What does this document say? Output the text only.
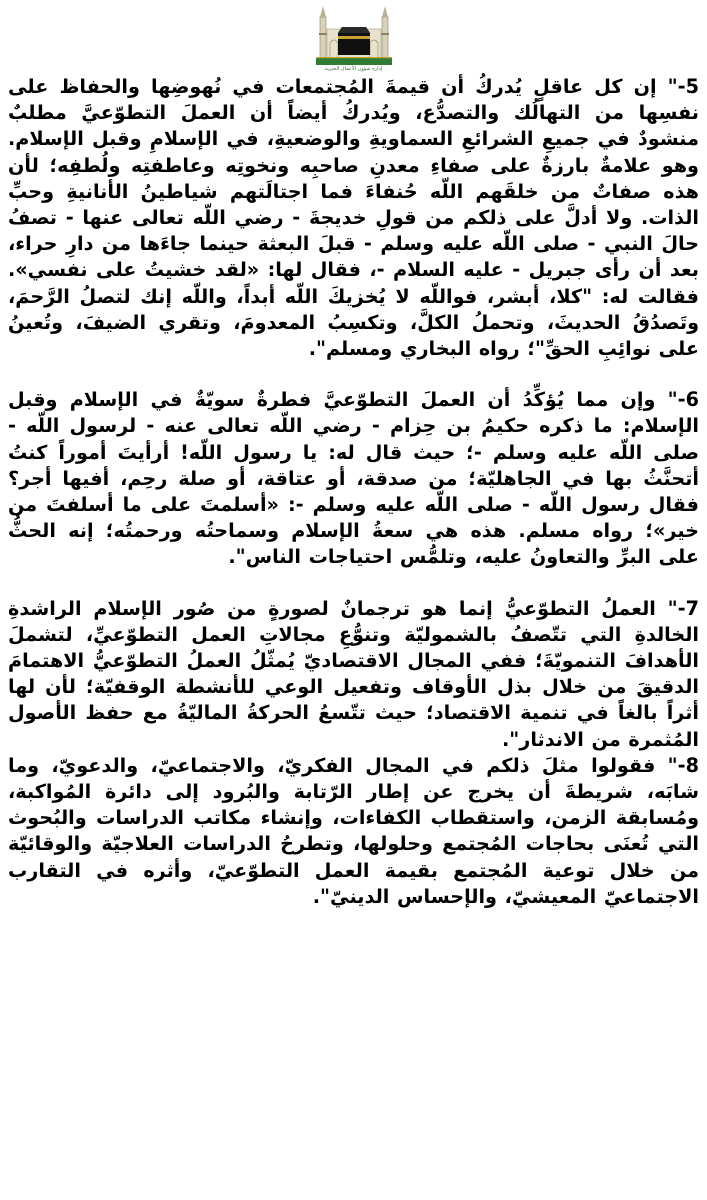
إدارة شؤون الأعمال الخيرية

5-" إن كل عاقلٍ يُدركُ أن قيمةَ المُجتمعات في نُهوضِها والحفاظ على نفسِها من التهالُك والتصدُّع، ويُدركُ أيضاً أن العملَ التطوّعيَّ مطلبٌ منشودٌ في جميعِ الشرائعِ السماويةِ والوضعيةِ، في الإسلامِ وقبل الإسلام. وهو علامةٌ بارزةٌ على صفاءِ معدنِ صاحبِه ونخوتِه وعاطفتِه ولُطفِه؛ لأن هذه صفاتٌ من خلقَهم اللّه حُنفاءَ فما اجتالَتهم شياطينُ الأنانيةِ وحبِّ الذات. ولا أدلَّ على ذلكم من قولِ خديجةَ - رضي اللّه تعالى عنها - تصفُ حالَ النبي - صلى اللّه عليه وسلم - قبلَ البعثة حينما جاءَها من دارِ حراء، بعد أن رأى جبريل - عليه السلام -، فقال لها: «لقد خشيتُ على نفسي». فقالت له: "كلا، أبشر، فواللّه لا يُخزيكَ اللّه أبداً، واللّه إنك لتصلُ الرَّحمَ، وتَصدُقُ الحديثَ، وتحملُ الكلَّ، وتكسِبُ المعدومَ، وتقري الضيفَ، وتُعينُ على نوائِبِ الحقِّ"؛ رواه البخاري ومسلم".

6-" وإن مما يُؤكِّدُ أن العملَ التطوّعيَّ فطرةٌ سويّةٌ في الإسلام وقبل الإسلام: ما ذكره حكيمُ بن حِزام - رضي اللّه تعالى عنه - لرسول اللّه - صلى اللّه عليه وسلم -؛ حيث قال له: يا رسول اللّه! أرأيتَ أموراً كنتُ أتحنَّثُ بها في الجاهليّة؛ من صدقة، أو عتاقة، أو صلة رحِم، أفيها أجر؟ فقال رسول اللّه - صلى اللّه عليه وسلم -: «أسلمتَ على ما أسلفتَ من خير»؛ رواه مسلم. هذه هي سعةُ الإسلام وسماحتُه ورحمتُه؛ إنه الحثُّ على البرِّ والتعاونُ عليه، وتلمُّس احتياجات الناس".

7-" العملُ التطوّعيُّ إنما هو ترجمانٌ لصورةٍ من صُور الإسلام الراشدةِ الخالدةِ التي تتّصفُ بالشموليّة وتنوُّعِ مجالاتِ العمل التطوّعيِّ، لتشملَ الأهدافَ التنمويّةَ؛ ففي المجال الاقتصاديّ يُمثّلُ العملُ التطوّعيُّ الاهتمامَ الدقيقَ من خلال بذل الأوقاف وتفعيل الوعي للأنشطة الوقفيّة؛ لأن لها أثراً بالغاً في تنمية الاقتصاد؛ حيث تتّسعُ الحركةُ الماليّةُ مع حفظ الأصول المُثمرة من الاندثار".

8-" فقولوا مثلَ ذلكم في المجال الفكريّ، والاجتماعيّ، والدعويّ، وما شابَه، شريطةَ أن يخرج عن إطار الرّتابة والبُرود إلى دائرة المُواكبة، ومُسابقة الزمن، واستقطاب الكفاءات، وإنشاء مكاتب الدراسات والبُحوث التي تُعنَى بحاجات المُجتمع وحلولها، وتطرحُ الدراسات العلاجيّة والوقائيّة من خلال توعية المُجتمع بقيمة العمل التطوّعيّ، وأثره في التقارب الاجتماعيّ المعيشيّ، والإحساس الدينيّ".
